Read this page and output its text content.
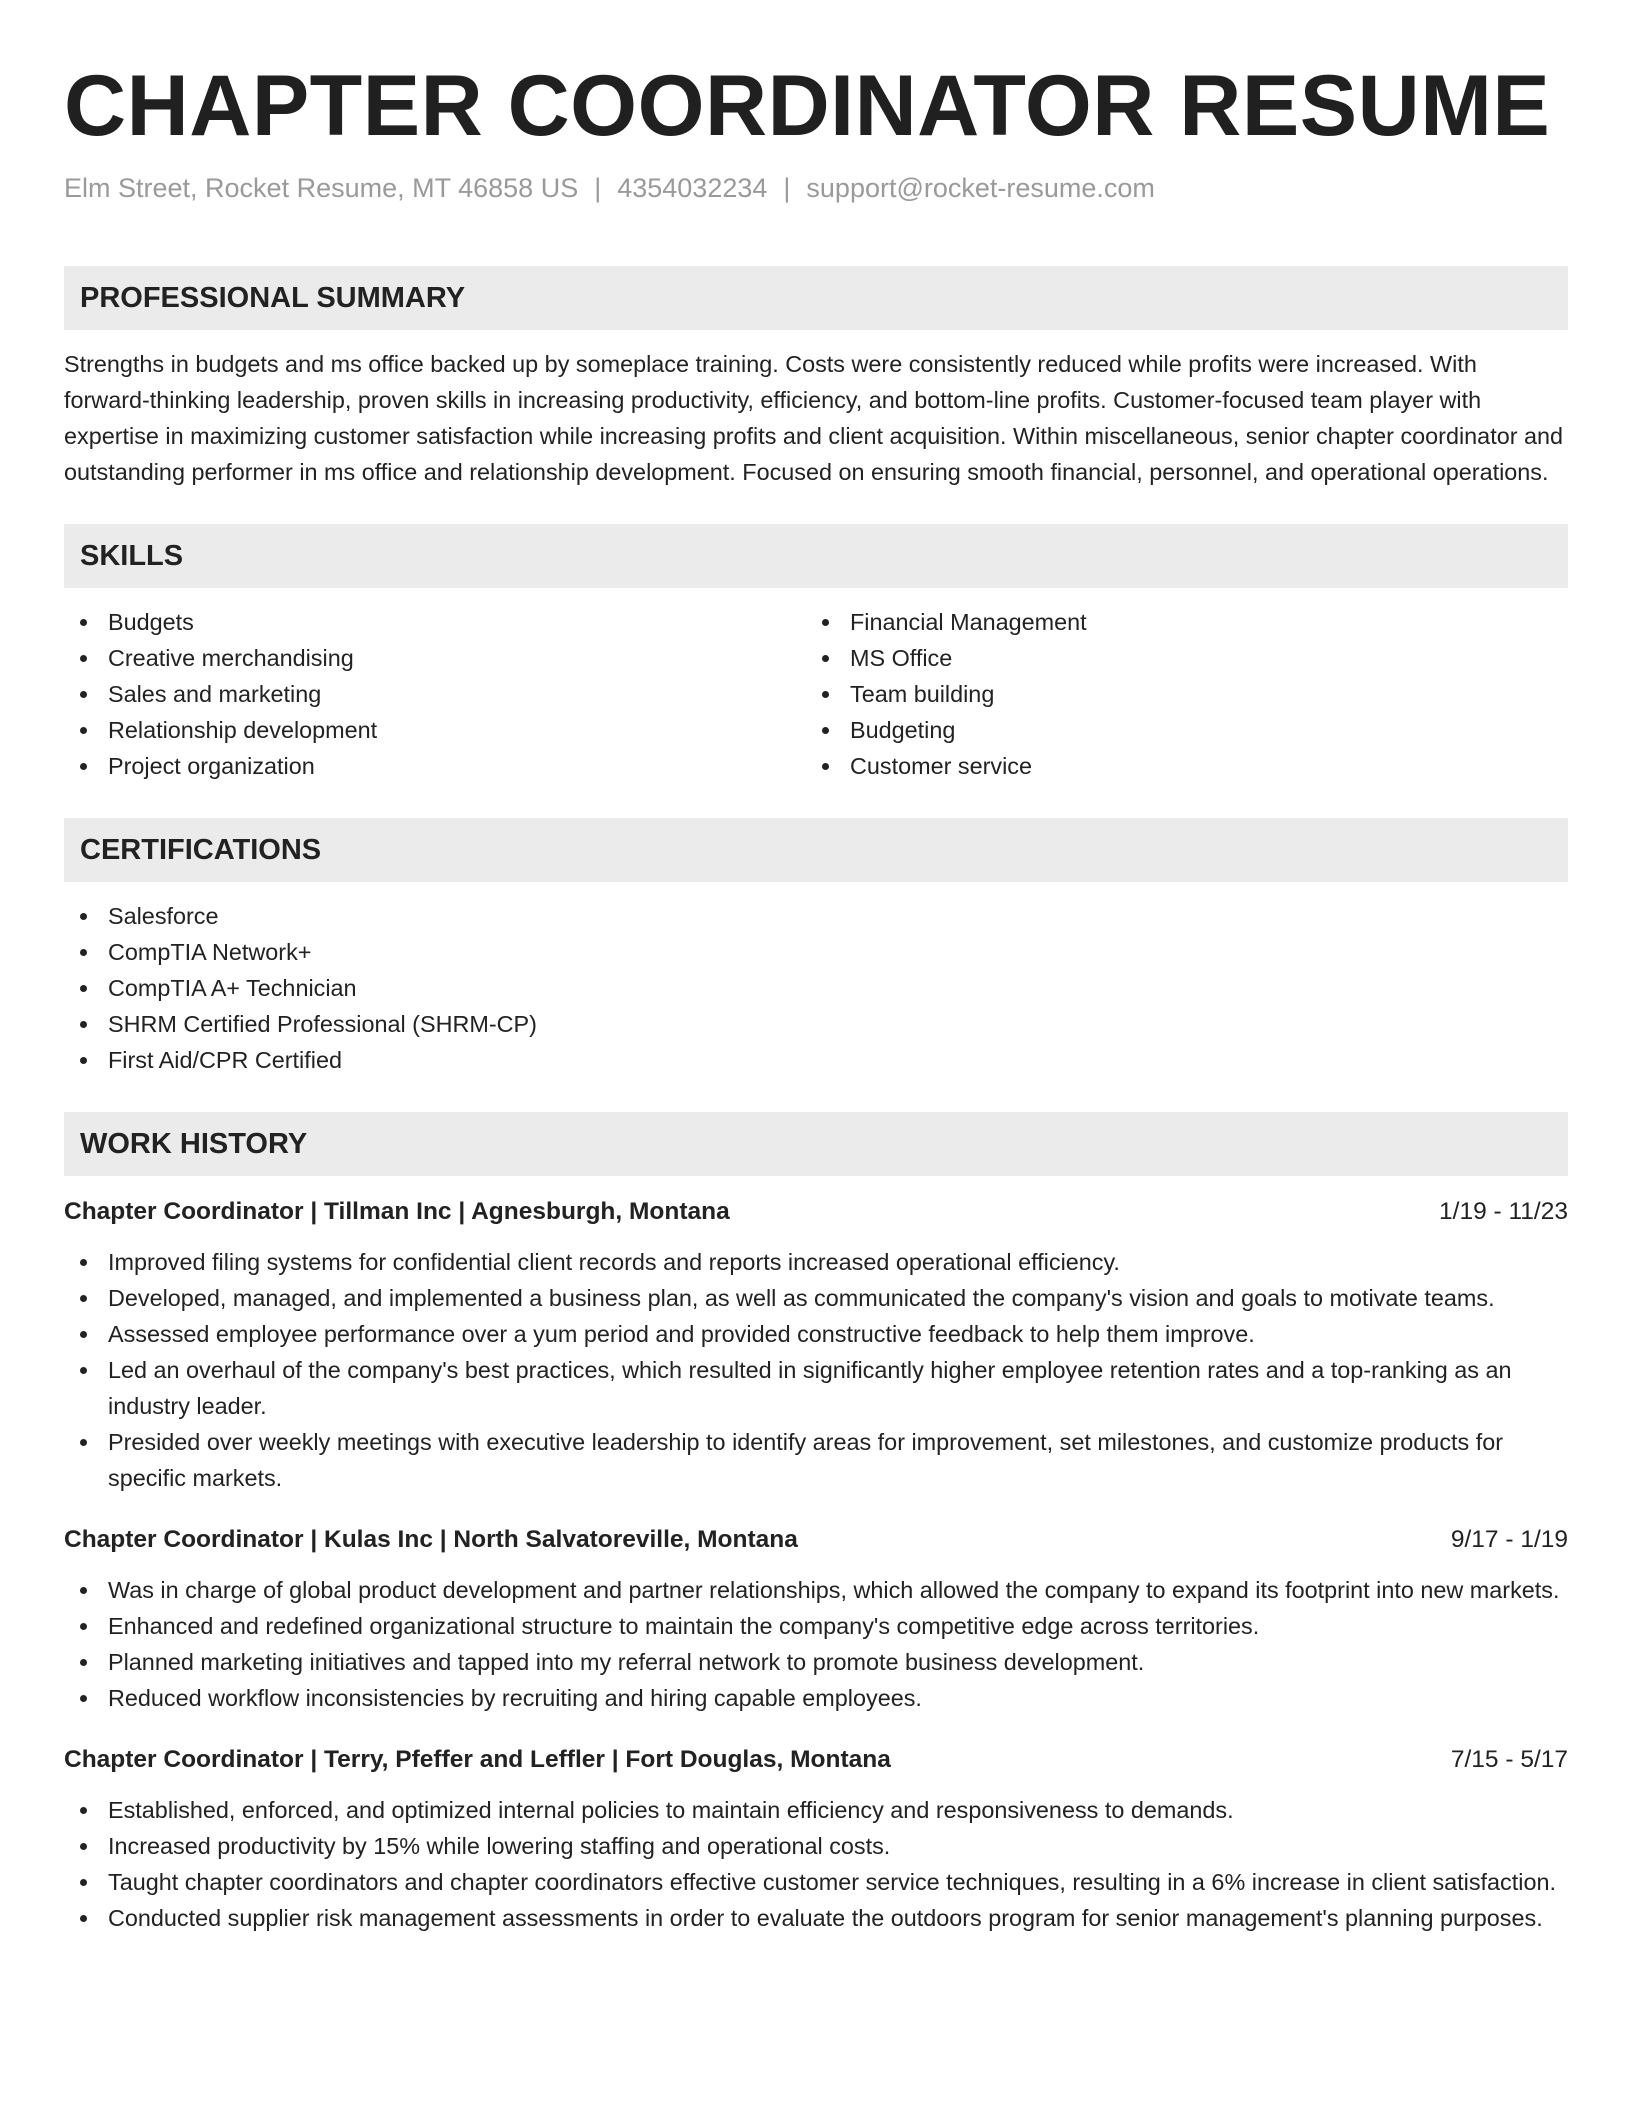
CHAPTER COORDINATOR RESUME
Elm Street, Rocket Resume, MT 46858 US | 4354032234 | support@rocket-resume.com
PROFESSIONAL SUMMARY
Strengths in budgets and ms office backed up by someplace training. Costs were consistently reduced while profits were increased. With forward-thinking leadership, proven skills in increasing productivity, efficiency, and bottom-line profits. Customer-focused team player with expertise in maximizing customer satisfaction while increasing profits and client acquisition. Within miscellaneous, senior chapter coordinator and outstanding performer in ms office and relationship development. Focused on ensuring smooth financial, personnel, and operational operations.
SKILLS
Budgets
Creative merchandising
Sales and marketing
Relationship development
Project organization
Financial Management
MS Office
Team building
Budgeting
Customer service
CERTIFICATIONS
Salesforce
CompTIA Network+
CompTIA A+ Technician
SHRM Certified Professional (SHRM-CP)
First Aid/CPR Certified
WORK HISTORY
Chapter Coordinator | Tillman Inc | Agnesburgh, Montana	1/19 - 11/23
Improved filing systems for confidential client records and reports increased operational efficiency.
Developed, managed, and implemented a business plan, as well as communicated the company's vision and goals to motivate teams.
Assessed employee performance over a yum period and provided constructive feedback to help them improve.
Led an overhaul of the company's best practices, which resulted in significantly higher employee retention rates and a top-ranking as an industry leader.
Presided over weekly meetings with executive leadership to identify areas for improvement, set milestones, and customize products for specific markets.
Chapter Coordinator | Kulas Inc | North Salvatoreville, Montana	9/17 - 1/19
Was in charge of global product development and partner relationships, which allowed the company to expand its footprint into new markets.
Enhanced and redefined organizational structure to maintain the company's competitive edge across territories.
Planned marketing initiatives and tapped into my referral network to promote business development.
Reduced workflow inconsistencies by recruiting and hiring capable employees.
Chapter Coordinator | Terry, Pfeffer and Leffler | Fort Douglas, Montana	7/15 - 5/17
Established, enforced, and optimized internal policies to maintain efficiency and responsiveness to demands.
Increased productivity by 15% while lowering staffing and operational costs.
Taught chapter coordinators and chapter coordinators effective customer service techniques, resulting in a 6% increase in client satisfaction.
Conducted supplier risk management assessments in order to evaluate the outdoors program for senior management's planning purposes.
